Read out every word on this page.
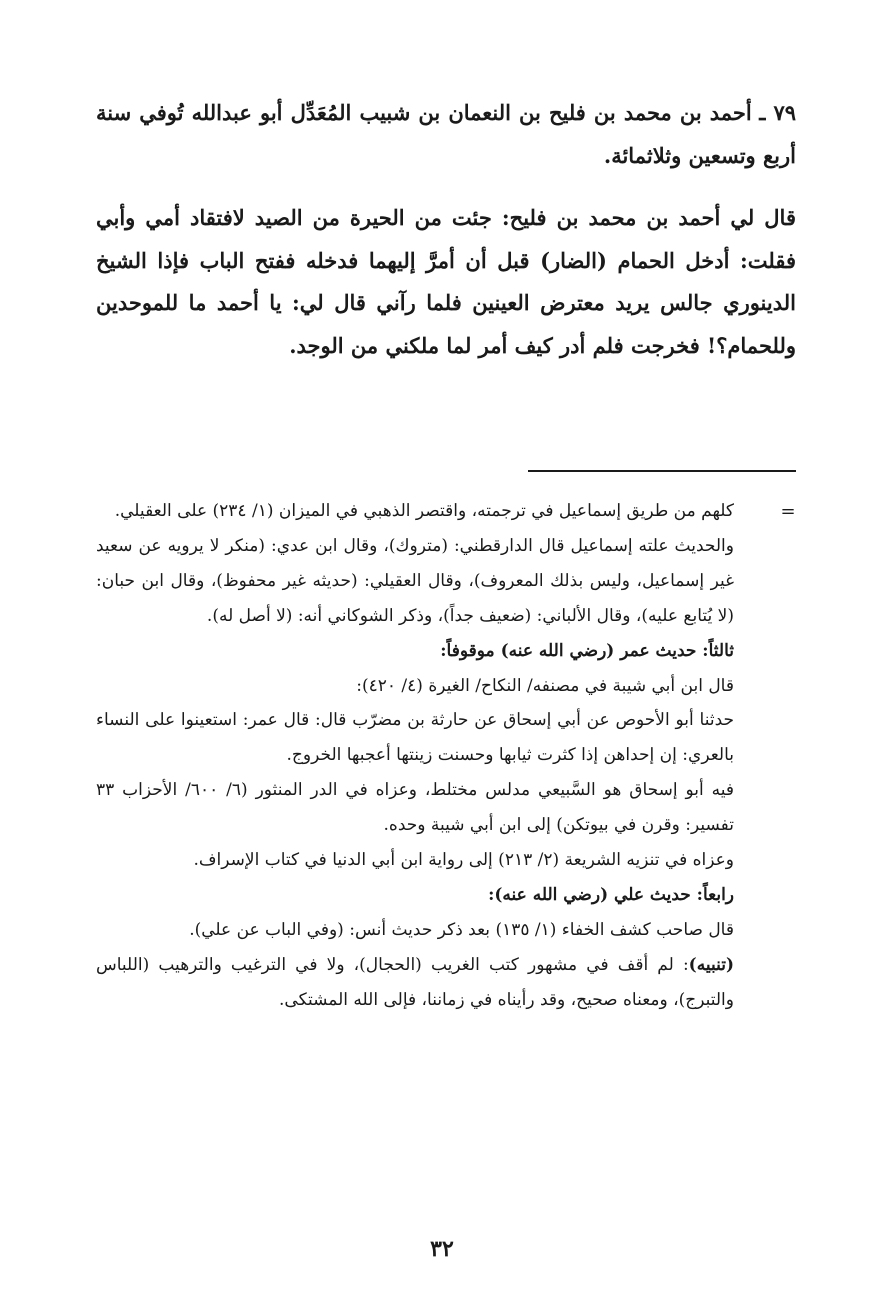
٧٩ ـ أحمد بن محمد بن فليح بن النعمان بن شبيب المُعَدِّل أبو عبدالله تُوفي سنة أربع وتسعين وثلاثمائة.

قال لي أحمد بن محمد بن فليح: جئت من الحيرة من الصيد لافتقاد أمي وأبي فقلت: أدخل الحمام (الضار) قبل أن أمرَّ إليهما فدخله ففتح الباب فإذا الشيخ الدينوري جالس يريد معترض العينين فلما رآني قال لي: يا أحمد ما للموحدين وللحمام؟! فخرجت فلم أدر كيف أمر لما ملكني من الوجد.

=

كلهم من طريق إسماعيل في ترجمته، واقتصر الذهبي في الميزان (١/ ٢٣٤) على العقيلي.

والحديث علته إسماعيل قال الدارقطني: (متروك)، وقال ابن عدي: (منكر لا يرويه عن سعيد غير إسماعيل، وليس بذلك المعروف)، وقال العقيلي: (حديثه غير محفوظ)، وقال ابن حبان: (لا يُتابع عليه)، وقال الألباني: (ضعيف جداً)، وذكر الشوكاني أنه: (لا أصل له).

ثالثاً: حديث عمر (رضي الله عنه) موقوفاً:

قال ابن أبي شيبة في مصنفه/ النكاح/ الغيرة (٤/ ٤٢٠):

حدثنا أبو الأحوص عن أبي إسحاق عن حارثة بن مضرّب قال: قال عمر: استعينوا على النساء بالعري: إن إحداهن إذا كثرت ثيابها وحسنت زينتها أعجبها الخروج.

فيه أبو إسحاق هو السَّبيعي مدلس مختلط، وعزاه في الدر المنثور (٦/ ٦٠٠/ الأحزاب ٣٣ تفسير: وقرن في بيوتكن) إلى ابن أبي شيبة وحده.

وعزاه في تنزيه الشريعة (٢/ ٢١٣) إلى رواية ابن أبي الدنيا في كتاب الإسراف.

رابعاً: حديث علي (رضي الله عنه):

قال صاحب كشف الخفاء (١/ ١٣٥) بعد ذكر حديث أنس: (وفي الباب عن علي).

(تنبيه): لم أقف في مشهور كتب الغريب (الحجال)، ولا في الترغيب والترهيب (اللباس والتبرج)، ومعناه صحيح، وقد رأيناه في زماننا، فإلى الله المشتكى.

٣٢
